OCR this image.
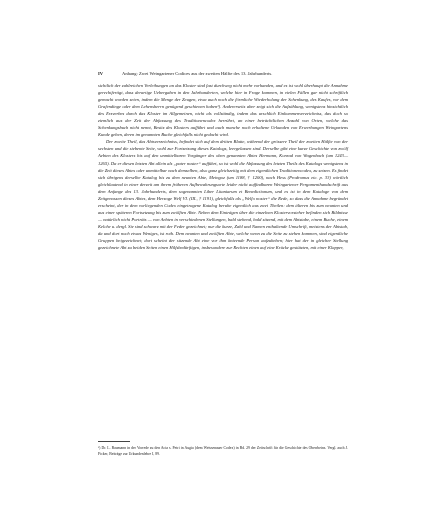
IV	Anhang: Zwei Weingartener Codices aus der zweiten Hälfte des 13. Jahrhunderts.

sichtlich der zahlreichen Verleihungen an das Kloster sind fast durchweg nicht mehr vorhanden, und es ist wohl überhaupt die Annahme gerechtfertigt, dass derartige Uebergaben in den Jahrhunderten, welche hier in Frage kommen, in vielen Fällen gar nicht schriftlich gemacht worden seien, indem die Menge der Zeugen, etwa auch noch die förmliche Wiederholung der Schenkung, des Kaufes, vor dem Grafendinge oder dem Lehensherrn genügend geschienen haben¹). Andererseits aber zeigt sich die Aufzählung, wenigstens hinsichtlich des Erzverbes durch das Kloster im Allgemeinen, nicht als vollständig, indem das urschlich Einkommenverzeichniss, das doch so ziemlich aus der Zeit der Abfassung des Traditionencodex herrührt, an einer beträchtlichen Anzahl von Orten, welche das Schenkungsbuch nicht nennt, Besitz des Klosters aufführt und auch manche noch erhaltene Urkunden von Erwerbungen Weingartens Kunde geben, deren im genannten Buche gleichfalls nicht gedacht wird.

Der zweite Theil, das Abtsverzeichniss, befindet sich auf dem dritten Blatte, während der grössere Theil der zweiten Hälfte von der sechsten und die siebente Seite, wohl zur Fortsetzung dieses Katalogs, leergelassen sind. Derselbe gibt eine kurze Geschichte von zwölf Aebten des Klosters bis auf den unmittelbaren Vorgänger des oben genannten Abtes Hermann, Konrad von Wagenbach (um 1243—1265). Da er diesen letzten Abt allein als „pater noster“ aufführt, so ist wohl die Abfassung des letzten Theils des Katalogs wenigstens in die Zeit dieses Abtes oder unmittelbar nach demselben, also ganz gleichzeitig mit dem eigentlichen Traditionencodex, zu setzen. Es findet sich übrigens derselbe Katalog bis zu dem neunten Abte, Meingoz (um 1188, † 1200), nach Hess (Prodromus etc. p. 33) wörtlich gleichlautend in einer derzeit am ihrem früheren Aufbewahrungsorte leider nicht auffindbaren Weingartener Pergamenthandschrift aus dem Anfange des 13. Jahrhunderts, dem sogenannten Liber Litaniarum et Benedictionum, und es ist in dem Kataloge von dem Zeitgenossen dieses Abtes, dem Herzoge Welf VI. (III., † 1191), gleichfalls als „Welfo noster“ die Rede, so dass die Annahme begründet erscheint, der in dem vorliegenden Codex eingetragene Katalog beruhe eigentlich aus zwei Theilen: dem älteren bis zum neunten und aus einer späteren Fortsetzung bis zum zwölften Abte. Neben dem Einträgen über die einzelnen Klostervorsteher befinden sich Bildnisse — natürlich nicht Porträts — von Aebten in verschiedenen Stellungen, bald stehend, bald sitzend, mit dem Abtstabe, einem Buche, einem Kelche u. dergl. Sie sind schwarz mit der Feder gezeichnet; nur die kurze, Zahl und Namen enthaltende Umschrift, meistens der Abtstab, da und dort noch etwas Weniges, ist roth. Dem neunten und zwölften Abte, welche wenn zu die Seite zu stehen kommen, sind eigentliche Gruppen beigezeichnet; dort scheint der sitzende Abt eine vor ihm knieende Person aufzuheben; hier hat der in gleicher Stellung gezeichnete Abt zu beiden Seiten einen Hilfsbedürftigen, insbesondere zur Rechten einen auf eine Krücke gestützten, mit einer Klapper,

¹) Dr. L. Baumann in der Vorrede zu den Acta s. Petri in Augia (dem Weissenauer Codex) in Bd. 29 der Zeitschrift für die Geschichte des Oberrheins. Vergl. auch J. Ficker, Beiträge zur Urkundenlehre I, 89.
